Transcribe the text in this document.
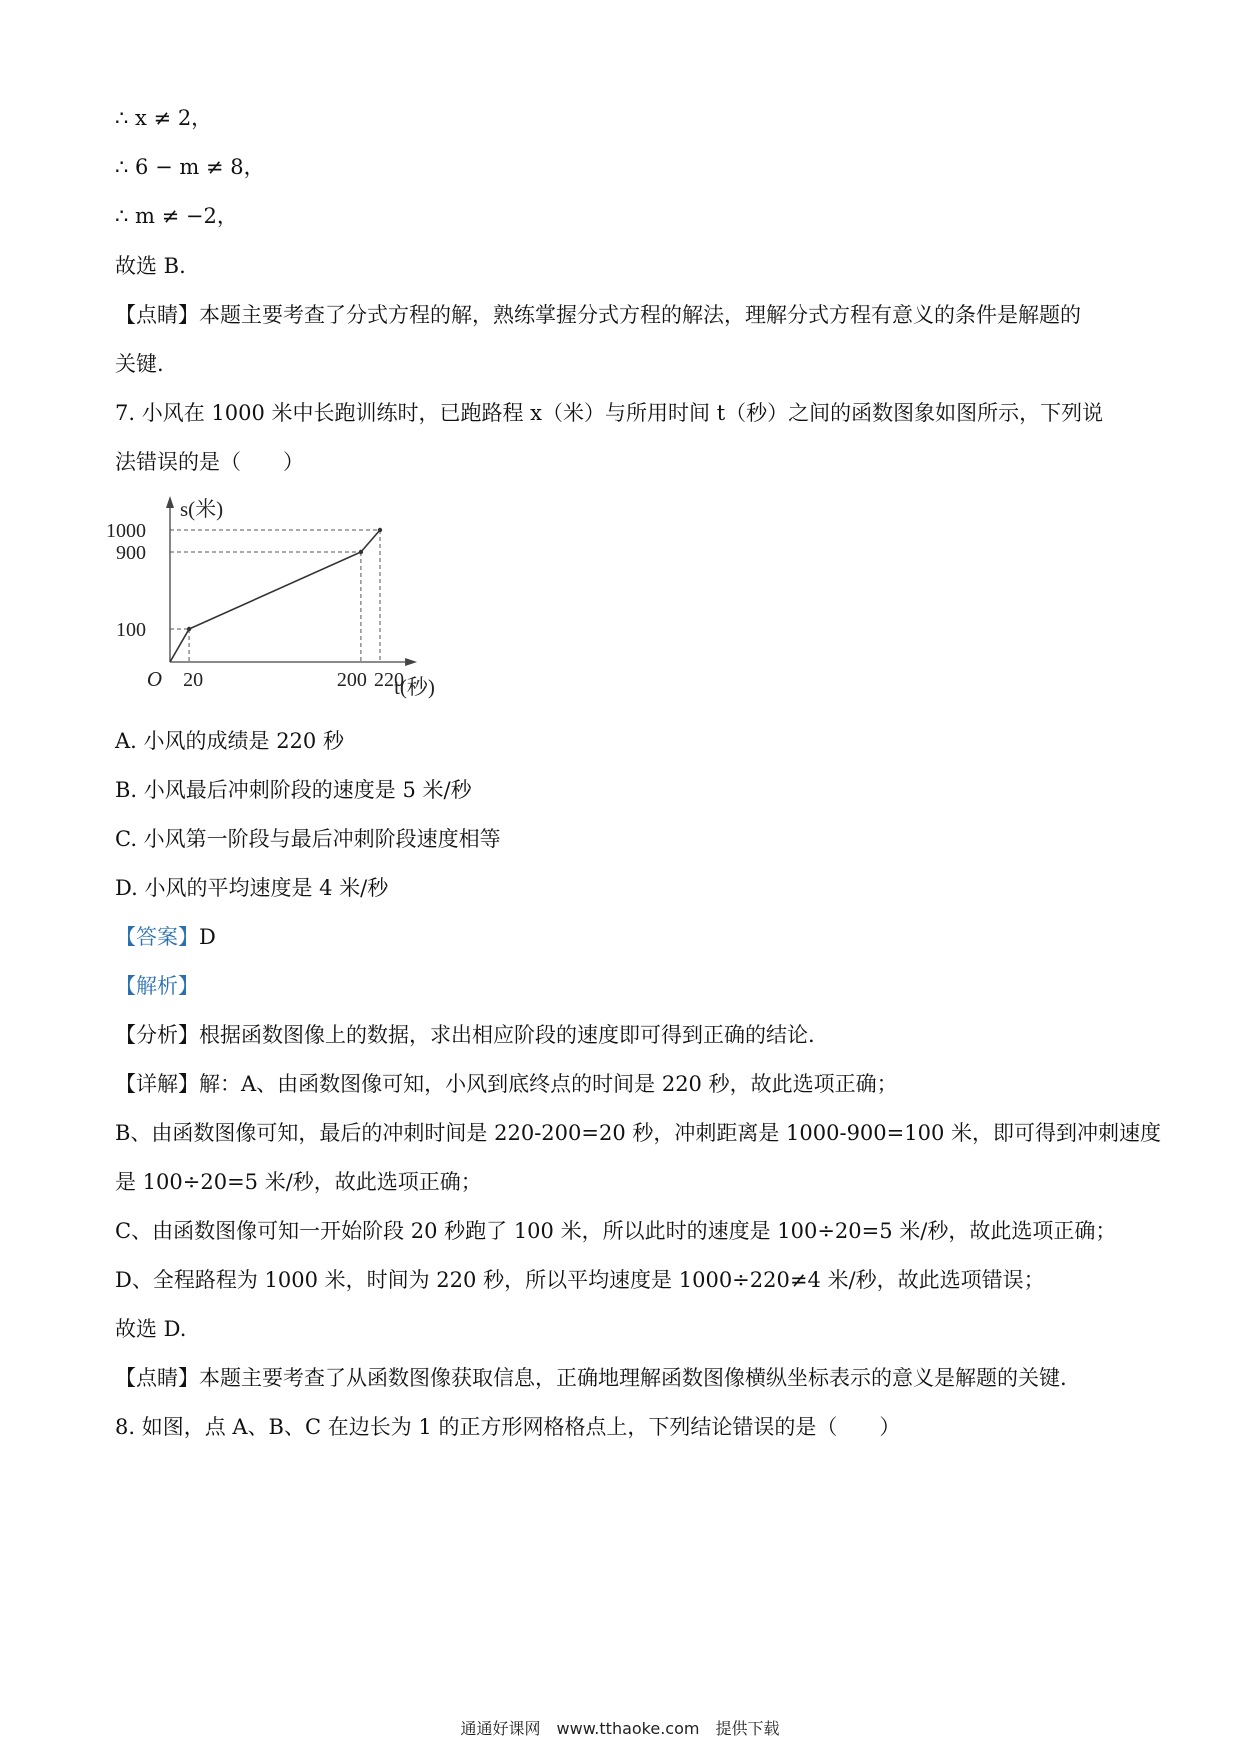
∴ x ≠ 2，
∴ 6 − m ≠ 8，
∴ m ≠ −2，
故选 B.
【点睛】本题主要考查了分式方程的解，熟练掌握分式方程的解法，理解分式方程有意义的条件是解题的
关键.
7. 小风在 1000 米中长跑训练时，已跑路程 x（米）与所用时间 t（秒）之间的函数图象如图所示，下列说
法错误的是（　　）
20	200 220
100
900
1000
O
s(米)
t(秒)
A. 小风的成绩是 220 秒
B. 小风最后冲刺阶段的速度是 5 米/秒
C. 小风第一阶段与最后冲刺阶段速度相等
D. 小风的平均速度是 4 米/秒
【答案】D
【解析】
【分析】根据函数图像上的数据，求出相应阶段的速度即可得到正确的结论.
【详解】解：A、由函数图像可知，小风到底终点的时间是 220 秒，故此选项正确；
B、由函数图像可知，最后的冲刺时间是 220-200=20 秒，冲刺距离是 1000-900=100 米，即可得到冲刺速度
是 100÷20=5 米/秒，故此选项正确；
C、由函数图像可知一开始阶段 20 秒跑了 100 米，所以此时的速度是 100÷20=5 米/秒，故此选项正确；
D、全程路程为 1000 米，时间为 220 秒，所以平均速度是 1000÷220≠4 米/秒，故此选项错误；
故选 D.
【点睛】本题主要考查了从函数图像获取信息，正确地理解函数图像横纵坐标表示的意义是解题的关键.
8. 如图，点 A、B、C 在边长为 1 的正方形网格格点上，下列结论错误的是（　　）
通通好课网　www.tthaoke.com　提供下载
